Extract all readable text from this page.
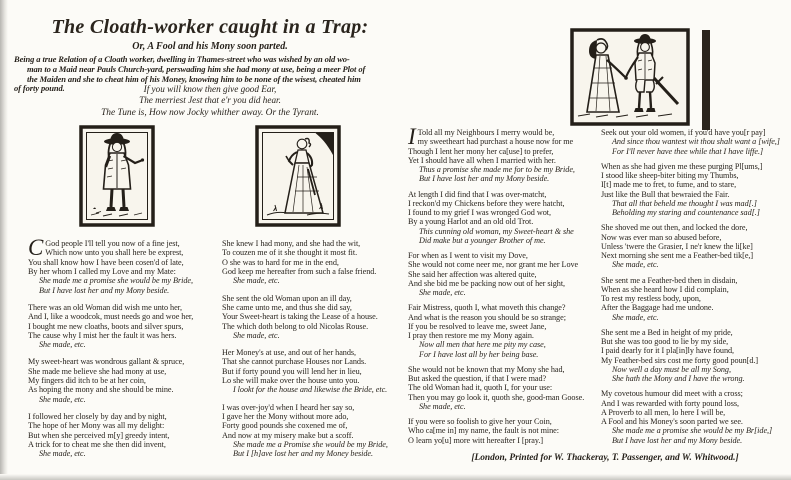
The Cloath-worker caught in a Trap:
Or, A Fool and his Mony soon parted.
Being a true Relation of a Cloath worker, dwelling in Thames-street who was wished by an old wo-
man to a Maid near Pauls Church-yard, perswading him she had mony at use, being a meer Plot of
the Maiden and she to cheat him of his Money, knowing him to be none of the wisest, cheated him
of forty pound.	If you will know then give good Ear,
The merriest Jest that e'r you did hear.
The Tune is, How now Jocky whither away. Or the Tyrant.
C God people I'll tell you now of a fine jest,
Which now unto you shall here be exprest,
You shall know how I have been cosen'd of late,
By her whom I called my Love and my Mate:
She made me a promise she would be my Bride,
But I have lost her and my Mony beside.
There was an old Woman did wish me unto her,
And I, like a woodcok, must needs go and woe her,
I bought me new cloaths, boots and silver spurs,
The cause why I mist her the fault it was hers.
She made, etc.
My sweet-heart was wondrous gallant & spruce,
She made me believe she had mony at use,
My fingers did itch to be at her coin,
As hoping the mony and she should be mine.
She made, etc.
I followed her closely by day and by night,
The hope of her Mony was all my delight:
But when she perceived m[y] greedy intent,
A trick for to cheat me she then did invent,
She made, etc.
She knew I had mony, and she had the wit,
To couzen me of it she thought it most fit.
O she was to hard for me in the end,
God keep me hereafter from such a false friend.
She made, etc.
She sent the old Woman upon an ill day,
She came unto me, and thus she did say,
Your Sweet-heart is taking the Lease of a house.
The which doth belong to old Nicolas Rouse.
She made, etc.
Her Money's at use, and out of her hands,
That she cannot purchase Houses nor Lands.
But if forty pound you will lend her in lieu,
Lo she will make over the house unto you.
I lookt for the house and likewise the Bride, etc.
I was over-joy'd when I heard her say so,
I gave her the Mony without more ado,
Forty good pounds she coxened me of,
And now at my misery make but a scoff.
She made me a Promise she would be my Bride,
But I [h]ave lost her and my Money beside.
I Told all my Neighbours I merry would be,
my sweetheart had purchast a house now for me
Though I lent her mony her ca[use] to prefer,
Yet I should have all when I married with her.
Thus a promise she made me for to be my Bride,
But I have lost her and my Mony beside.
At length I did find that I was over-matcht,
I reckon'd my Chickens before they were hatcht,
I found to my grief I was wronged God wot,
By a young Harlot and an old old Trot.
This cunning old woman, my Sweet-heart & she
Did make but a younger Brother of me.
For when as I went to visit my Dove,
She would not come neer me, nor grant me her Love
She said her affection was altered quite,
And she bid me be packing now out of her sight,
She made, etc.
Fair Mistress, quoth I, what moveth this change?
And what is the reason you should be so strange;
If you be resolved to leave me, sweet Jane,
I pray then restore me my Mony again.
Now all men that here me pity my case,
For I have lost all by her being base.
She would not be known that my Mony she had,
But asked the question, if that I were mad?
The old Woman had it, quoth I, for your use:
Then you may go look it, quoth she, good-man Goose.
She made, etc.
If you were so foolish to give her your Coin,
Who ca[me in] my name, the fault is not mine:
O learn yo[u] more witt hereafter I [pray.]
Seek out your old women, if you'd have you[r pay]
And since thou wantest wit thou shalt want a [wife,]
For I'll never have thee while that I have liffe.]
When as she had given me these purging Pl[ums,]
I stood like sheep-biter biting my Thumbs,
I[t] made me to fret, to fume, and to stare,
Just like the Bull that bewraied the Fair.
That all that beheld me thought I was mad[.]
Beholding my staring and countenance sad[.]
She shoved me out then, and locked the dore,
Now was ever man so abused before,
Unless 'twere the Grasier, I ne'r knew the li[ke]
Next morning she sent me a Feather-bed tik[e,]
She made, etc.
She sent me a Feather-bed then in disdain,
When as she heard how I did complain,
To rest my restless body, upon,
After the Baggage had me undone.
She made, etc.
She sent me a Bed in height of my pride,
But she was too good to lie by my side,
I paid dearly for it I pla[in]ly have found,
My Feather-bed sirs cost me forty good poun[d.]
Now well a day must be all my Song,
She hath the Mony and I have the wrong.
My covetous humour did meet with a cross;
And I was rewarded with forty pound loss,
A Proverb to all men, lo here I will be,
A Fool and his Money's soon parted we see.
She made me a promise she would be my Br[ide,]
But I have lost her and my Mony beside.
[London, Printed for W. Thackeray, T. Passenger, and W. Whitwood.]
